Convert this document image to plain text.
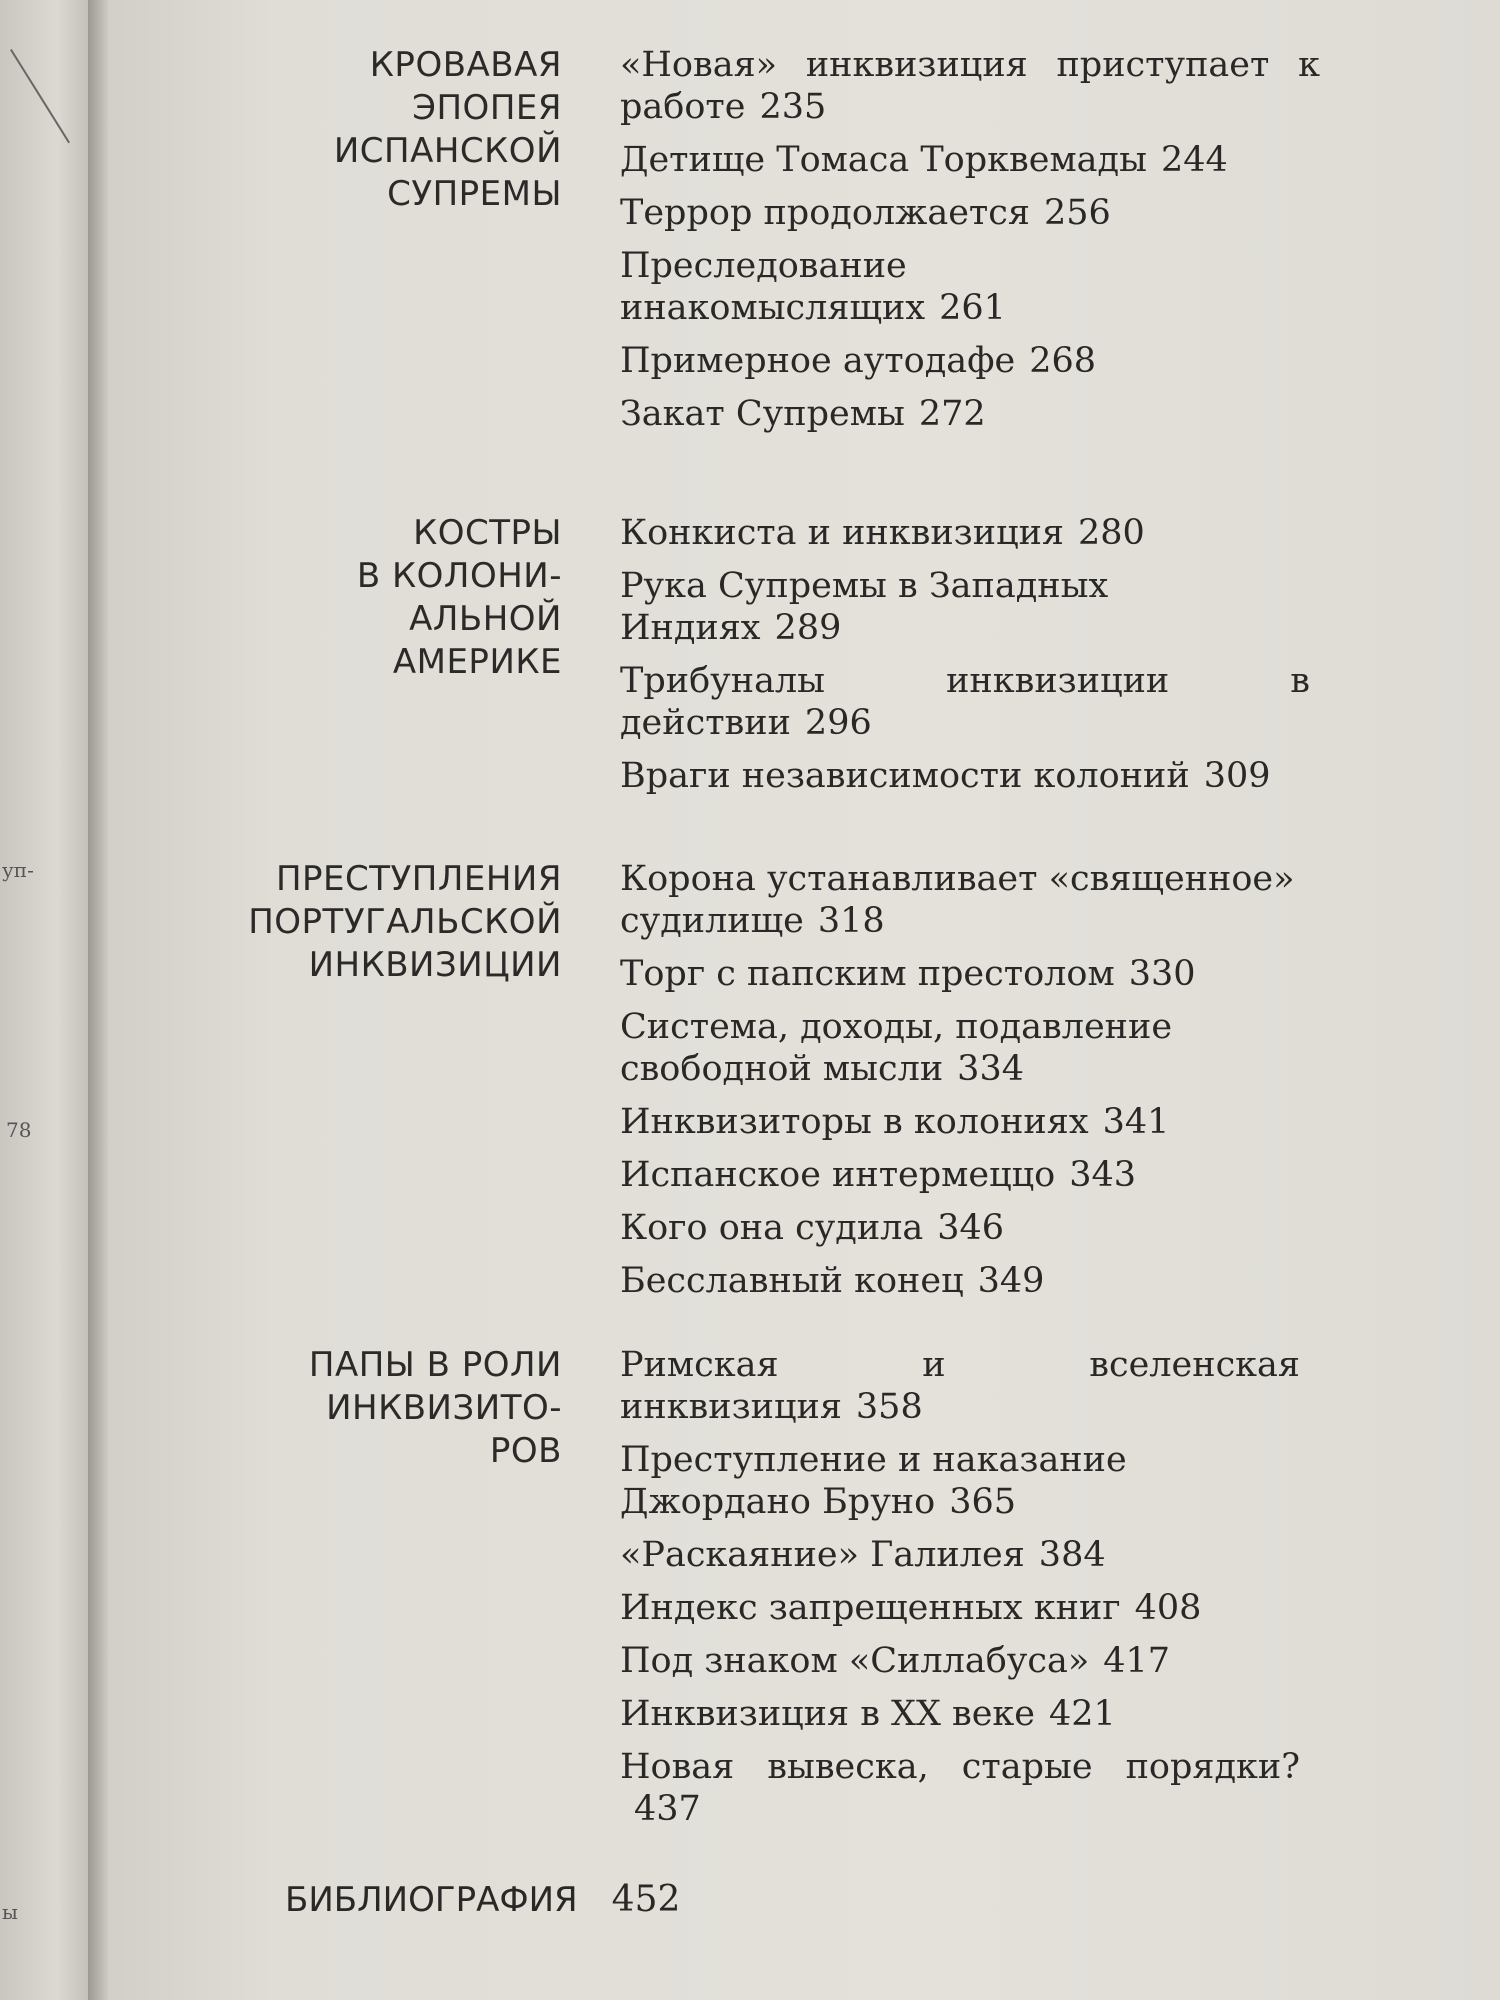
уп-
78
ы
КРОВАВАЯ
ЭПОПЕЯ
ИСПАНСКОЙ
СУПРЕМЫ
«Новая» инквизиция приступает к работе 235
Детище Томаса Торквемады 244
Террор продолжается 256
Преследование инакомыслящих 261
Примерное аутодафе 268
Закат Супремы 272
КОСТРЫ
В КОЛОНИ-
АЛЬНОЙ
АМЕРИКЕ
Конкиста и инквизиция 280
Рука Супремы в Западных Индиях 289
Трибуналы инквизиции в действии 296
Враги независимости колоний 309
ПРЕСТУПЛЕНИЯ
ПОРТУГАЛЬСКОЙ
ИНКВИЗИЦИИ
Корона устанавливает «священное» судилище 318
Торг с папским престолом 330
Система, доходы, подавление свободной мысли 334
Инквизиторы в колониях 341
Испанское интермеццо 343
Кого она судила 346
Бесславный конец 349
ПАПЫ В РОЛИ
ИНКВИЗИТО-
РОВ
Римская и вселенская инквизиция 358
Преступление и наказание Джордано Бруно 365
«Раскаяние» Галилея 384
Индекс запрещенных книг 408
Под знаком «Силлабуса» 417
Инквизиция в XX веке 421
Новая вывеска, старые порядки?437
БИБЛИОГРАФИЯ 452
